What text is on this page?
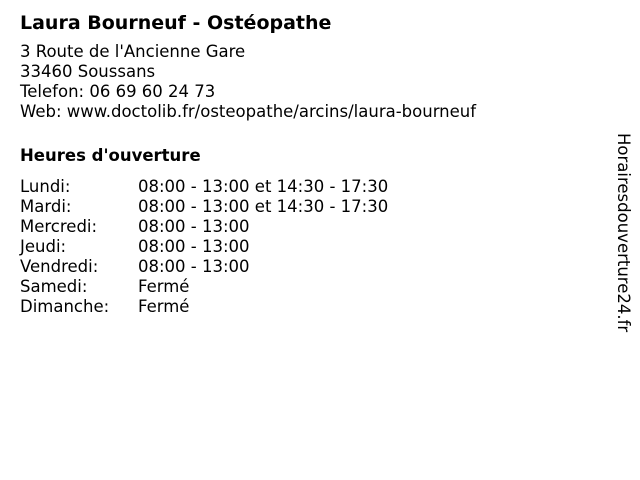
Laura Bourneuf - Ostéopathe
3 Route de l'Ancienne Gare
33460 Soussans
Telefon: 06 69 60 24 73
Web: www.doctolib.fr/osteopathe/arcins/laura-bourneuf
Heures d'ouverture
Lundi:	08:00 - 13:00 et 14:30 - 17:30
Mardi:	08:00 - 13:00 et 14:30 - 17:30
Mercredi:	08:00 - 13:00
Jeudi:	08:00 - 13:00
Vendredi:	08:00 - 13:00
Samedi:	Fermé
Dimanche:	Fermé	Horairesdouverture24.fr
